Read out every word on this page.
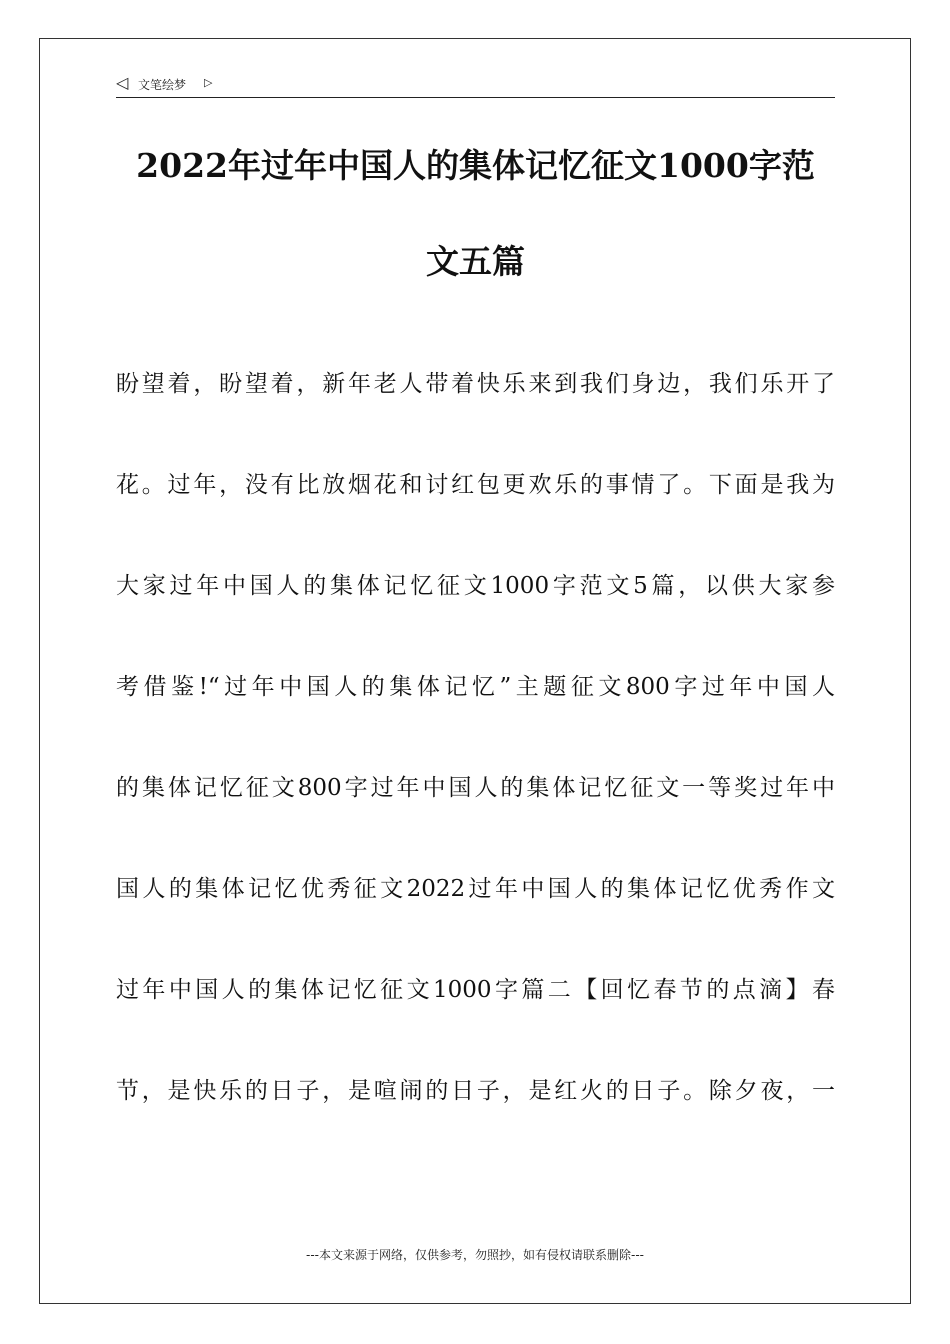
◁ 文笔绘梦 ▷
2022年过年中国人的集体记忆征文1000字范
文五篇
盼望着，盼望着，新年老人带着快乐来到我们身边，我们乐开了
花。过年，没有比放烟花和讨红包更欢乐的事情了。下面是我为
大家过年中国人的集体记忆征文1000字范文5篇，以供大家参
考借鉴!“过年中国人的集体记忆”主题征文800字过年中国人
的集体记忆征文800字过年中国人的集体记忆征文一等奖过年中
国人的集体记忆优秀征文2022过年中国人的集体记忆优秀作文
过年中国人的集体记忆征文1000字篇二【回忆春节的点滴】春
节，是快乐的日子，是喧闹的日子，是红火的日子。除夕夜，一
---本文来源于网络，仅供参考，勿照抄，如有侵权请联系删除---
